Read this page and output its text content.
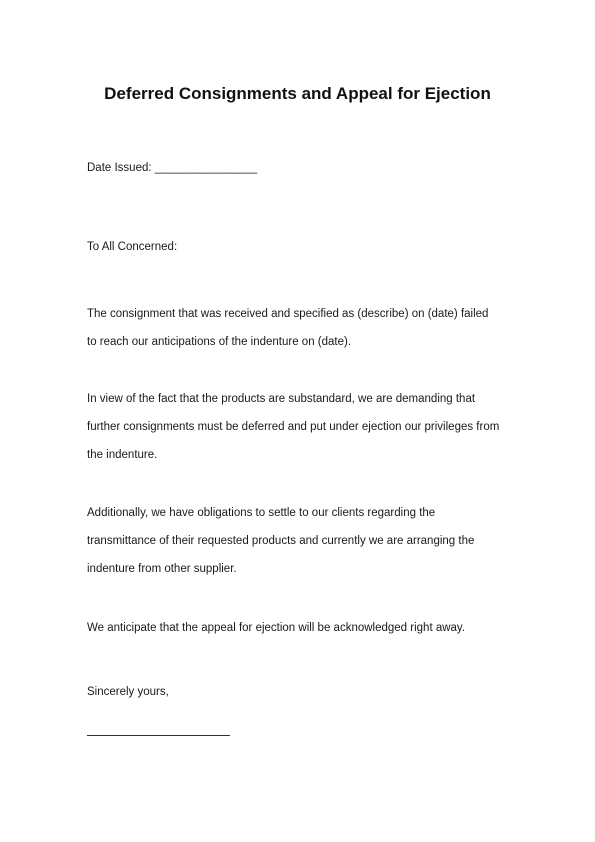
Deferred Consignments and Appeal for Ejection

Date Issued: ________________

To All Concerned:

The consignment that was received and specified as (describe) on (date) failed

to reach our anticipations of the indenture on (date).

In view of the fact that the products are substandard, we are demanding that

further consignments must be deferred and put under ejection our privileges from

the indenture.

Additionally, we have obligations to settle to our clients regarding the

transmittance of their requested products and currently we are arranging the

indenture from other supplier.

We anticipate that the appeal for ejection will be acknowledged right away.

Sincerely yours,
